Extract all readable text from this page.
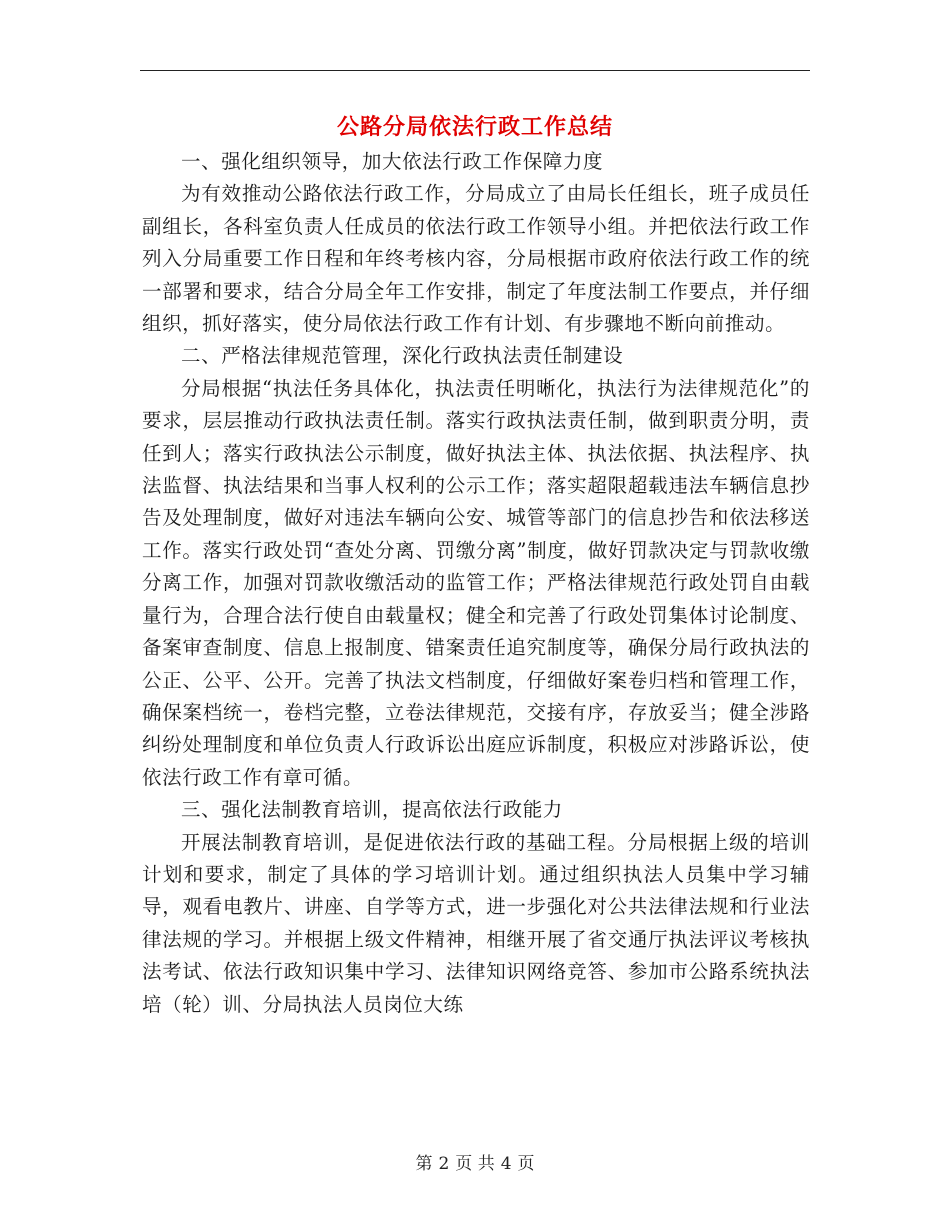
公路分局依法行政工作总结

一、强化组织领导，加大依法行政工作保障力度

为有效推动公路依法行政工作，分局成立了由局长任组长，班子成员任副组长，各科室负责人任成员的依法行政工作领导小组。并把依法行政工作列入分局重要工作日程和年终考核内容，分局根据市政府依法行政工作的统一部署和要求，结合分局全年工作安排，制定了年度法制工作要点，并仔细组织，抓好落实，使分局依法行政工作有计划、有步骤地不断向前推动。

二、严格法律规范管理，深化行政执法责任制建设

分局根据“执法任务具体化，执法责任明晰化，执法行为法律规范化”的要求，层层推动行政执法责任制。落实行政执法责任制，做到职责分明，责任到人；落实行政执法公示制度，做好执法主体、执法依据、执法程序、执法监督、执法结果和当事人权利的公示工作；落实超限超载违法车辆信息抄告及处理制度，做好对违法车辆向公安、城管等部门的信息抄告和依法移送工作。落实行政处罚“查处分离、罚缴分离”制度，做好罚款决定与罚款收缴分离工作，加强对罚款收缴活动的监管工作；严格法律规范行政处罚自由载量行为，合理合法行使自由载量权；健全和完善了行政处罚集体讨论制度、备案审查制度、信息上报制度、错案责任追究制度等，确保分局行政执法的公正、公平、公开。完善了执法文档制度，仔细做好案卷归档和管理工作，确保案档统一，卷档完整，立卷法律规范，交接有序，存放妥当；健全涉路纠纷处理制度和单位负责人行政诉讼出庭应诉制度，积极应对涉路诉讼，使依法行政工作有章可循。

三、强化法制教育培训，提高依法行政能力

开展法制教育培训，是促进依法行政的基础工程。分局根据上级的培训计划和要求，制定了具体的学习培训计划。通过组织执法人员集中学习辅导，观看电教片、讲座、自学等方式，进一步强化对公共法律法规和行业法律法规的学习。并根据上级文件精神，相继开展了省交通厅执法评议考核执法考试、依法行政知识集中学习、法律知识网络竞答、参加市公路系统执法培（轮）训、分局执法人员岗位大练

第 2 页 共 4 页
